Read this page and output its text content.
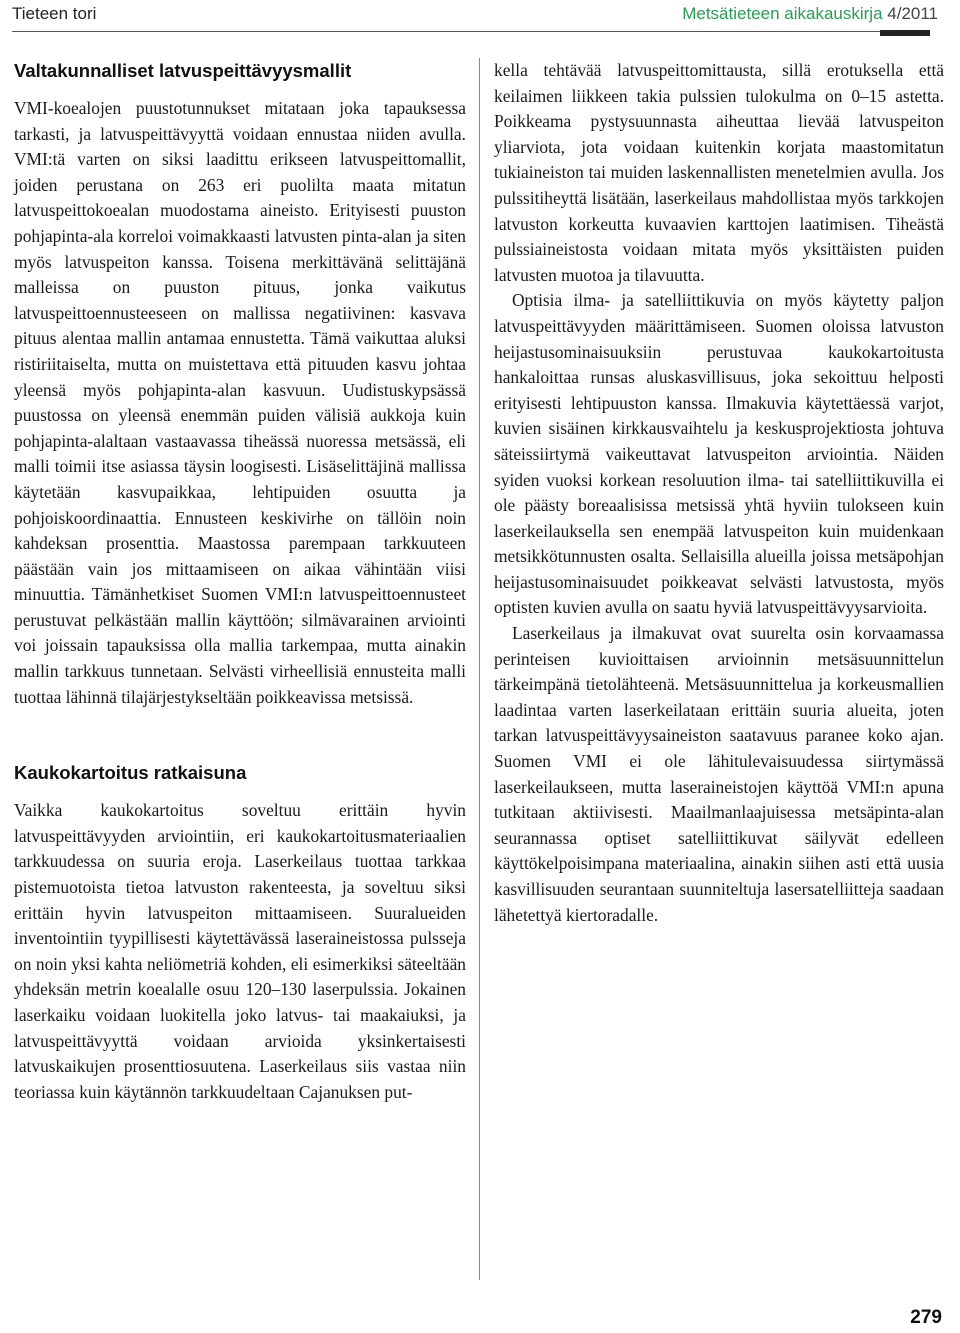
Tieteen tori	Metsätieteen aikakauskirja 4/2011
Valtakunnalliset latvuspeittävyysmallit

VMI-koealojen puustotunnukset mitataan joka tapauksessa tarkasti, ja latvuspeittävyyttä voidaan ennustaa niiden avulla. VMI:tä varten on siksi laadittu erikseen latvuspeittomallit, joiden perustana on 263 eri puolilta maata mitatun latvuspeittokoealan muodostama aineisto. Erityisesti puuston pohjapinta-ala korreloi voimakkaasti latvusten pinta-alan ja siten myös latvuspeiton kanssa. Toisena merkittävänä selittäjänä malleissa on puuston pituus, jonka vaikutus latvuspeittoennusteeseen on mallissa negatiivinen: kasvava pituus alentaa mallin antamaa ennustetta. Tämä vaikuttaa aluksi ristiriitaiselta, mutta on muistettava että pituuden kasvu johtaa yleensä myös pohjapinta-alan kasvuun. Uudistuskypsässä puustossa on yleensä enemmän puiden välisiä aukkoja kuin pohjapinta-alaltaan vastaavassa tiheässä nuoressa metsässä, eli malli toimii itse asiassa täysin loogisesti. Lisäselittäjinä mallissa käytetään kasvupaikkaa, lehtipuiden osuutta ja pohjoiskoordinaattia. Ennusteen keskivirhe on tällöin noin kahdeksan prosenttia. Maastossa parempaan tarkkuuteen päästään vain jos mittaamiseen on aikaa vähintään viisi minuuttia. Tämänhetkiset Suomen VMI:n latvuspeittoennusteet perustuvat pelkästään mallin käyttöön; silmävarainen arviointi voi joissain tapauksissa olla mallia tarkempaa, mutta ainakin mallin tarkkuus tunnetaan. Selvästi virheellisiä ennusteita malli tuottaa lähinnä tilajärjestykseltään poikkeavissa metsissä.

Kaukokartoitus ratkaisuna

Vaikka kaukokartoitus soveltuu erittäin hyvin latvuspeittävyyden arviointiin, eri kaukokartoitusmateriaalien tarkkuudessa on suuria eroja. Laserkeilaus tuottaa tarkkaa pistemuotoista tietoa latvuston rakenteesta, ja soveltuu siksi erittäin hyvin latvuspeiton mittaamiseen. Suuralueiden inventointiin tyypillisesti käytettävässä laseraineistossa pulsseja on noin yksi kahta neliömetriä kohden, eli esimerkiksi säteeltään yhdeksän metrin koealalle osuu 120–130 laserpulssia. Jokainen laserkaiku voidaan luokitella joko latvus- tai maakaiuksi, ja latvuspeittävyyttä voidaan arvioida yksinkertaisesti latvuskaikujen prosenttiosuutena. Laserkeilaus siis vastaa niin teoriassa kuin käytännön tarkkuudeltaan Cajanuksen put-

kella tehtävää latvuspeittomittausta, sillä erotuksella että keilaimen liikkeen takia pulssien tulokulma on 0–15 astetta. Poikkeama pystysuunnasta aiheuttaa lievää latvuspeiton yliarviota, jota voidaan kuitenkin korjata maastomitatun tukiaineiston tai muiden laskennallisten menetelmien avulla. Jos pulssitiheyttä lisätään, laserkeilaus mahdollistaa myös tarkkojen latvuston korkeutta kuvaavien karttojen laatimisen. Tiheästä pulssiaineistosta voidaan mitata myös yksittäisten puiden latvusten muotoa ja tilavuutta.

Optisia ilma- ja satelliittikuvia on myös käytetty paljon latvuspeittävyyden määrittämiseen. Suomen oloissa latvuston heijastusominaisuuksiin perustuvaa kaukokartoitusta hankaloittaa runsas aluskasvillisuus, joka sekoittuu helposti erityisesti lehtipuuston kanssa. Ilmakuvia käytettäessä varjot, kuvien sisäinen kirkkausvaihtelu ja keskusprojektiosta johtuva säteissiirtymä vaikeuttavat latvuspeiton arviointia. Näiden syiden vuoksi korkean resoluution ilma- tai satelliittikuvilla ei ole päästy boreaalisissa metsissä yhtä hyviin tulokseen kuin laserkeilauksella sen enempää latvuspeiton kuin muidenkaan metsikkötunnusten osalta. Sellaisilla alueilla joissa metsäpohjan heijastusominaisuudet poikkeavat selvästi latvustosta, myös optisten kuvien avulla on saatu hyviä latvuspeittävyysarvioita.

Laserkeilaus ja ilmakuvat ovat suurelta osin korvaamassa perinteisen kuvioittaisen arvioinnin metsäsuunnittelun tärkeimpänä tietolähteenä. Metsäsuunnittelua ja korkeusmallien laadintaa varten laserkeilataan erittäin suuria alueita, joten tarkan latvuspeittävyysaineiston saatavuus paranee koko ajan. Suomen VMI ei ole lähitulevaisuudessa siirtymässä laserkeilaukseen, mutta laseraineistojen käyttöä VMI:n apuna tutkitaan aktiivisesti. Maailmanlaajuisessa metsäpinta-alan seurannassa optiset satelliittikuvat säilyvät edelleen käyttökelpoisimpana materiaalina, ainakin siihen asti että uusia kasvillisuuden seurantaan suunniteltuja lasersatelliitteja saadaan lähetettyä kiertoradalle.

279
